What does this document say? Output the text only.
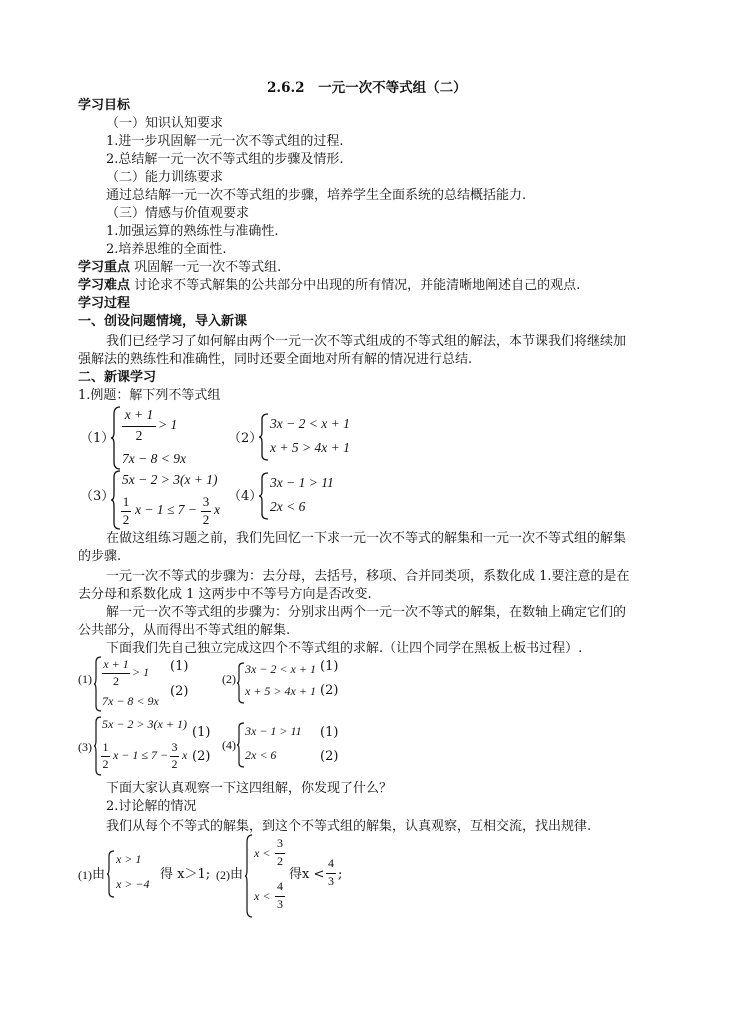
2.6.2　一元一次不等式组（二）
学习目标
（一）知识认知要求
1.进一步巩固解一元一次不等式组的过程.
2.总结解一元一次不等式组的步骤及情形.
（二）能力训练要求
通过总结解一元一次不等式组的步骤，培养学生全面系统的总结概括能力.
（三）情感与价值观要求
1.加强运算的熟练性与准确性.
2.培养思维的全面性.
学习重点 巩固解一元一次不等式组.
学习难点 讨论求不等式解集的公共部分中出现的所有情况，并能清晰地阐述自己的观点.
学习过程
一、创设问题情境，导入新课
我们已经学习了如何解由两个一元一次不等式组成的不等式组的解法，本节课我们将继续加
强解法的熟练性和准确性，同时还要全面地对所有解的情况进行总结.
二、新课学习
1.例题：解下列不等式组
（1）
x + 1
2
> 1
7x − 8 < 9x
（2）
3x − 2 < x + 1
x + 5 > 4x + 1
（3）
5x − 2 > 3(x + 1)
1
2
x − 1 ≤ 7 −
3
2
x
（4）
3x − 1 > 11
2x < 6
在做这组练习题之前，我们先回忆一下求一元一次不等式的解集和一元一次不等式组的解集
的步骤.
一元一次不等式的步骤为：去分母，去括号，移项、合并同类项，系数化成 1.要注意的是在
去分母和系数化成 1 这两步中不等号方向是否改变.
解一元一次不等式组的步骤为：分别求出两个一元一次不等式的解集，在数轴上确定它们的
公共部分，从而得出不等式组的解集.
下面我们先自己独立完成这四个不等式组的求解.（让四个同学在黑板上板书过程）.
(1)
x + 1
2
> 1
7x − 8 < 9x
(1)
(2)
(2)
3x − 2 < x + 1
x + 5 > 4x + 1
(1)
(2)
(3)
5x − 2 > 3(x + 1)
1
2
x − 1 ≤ 7 −
3
2
x
(1)
(2)
(4)
3x − 1 > 11
2x < 6
(1)
(2)
下面大家认真观察一下这四组解，你发现了什么？
2.讨论解的情况
我们从每个不等式的解集，到这个不等式组的解集，认真观察，互相交流，找出规律.
(1) 由
x > 1
x > −4
得 x＞1; (2) 由
x <
3
2
x <
4
3
得x <
4
3 ;
